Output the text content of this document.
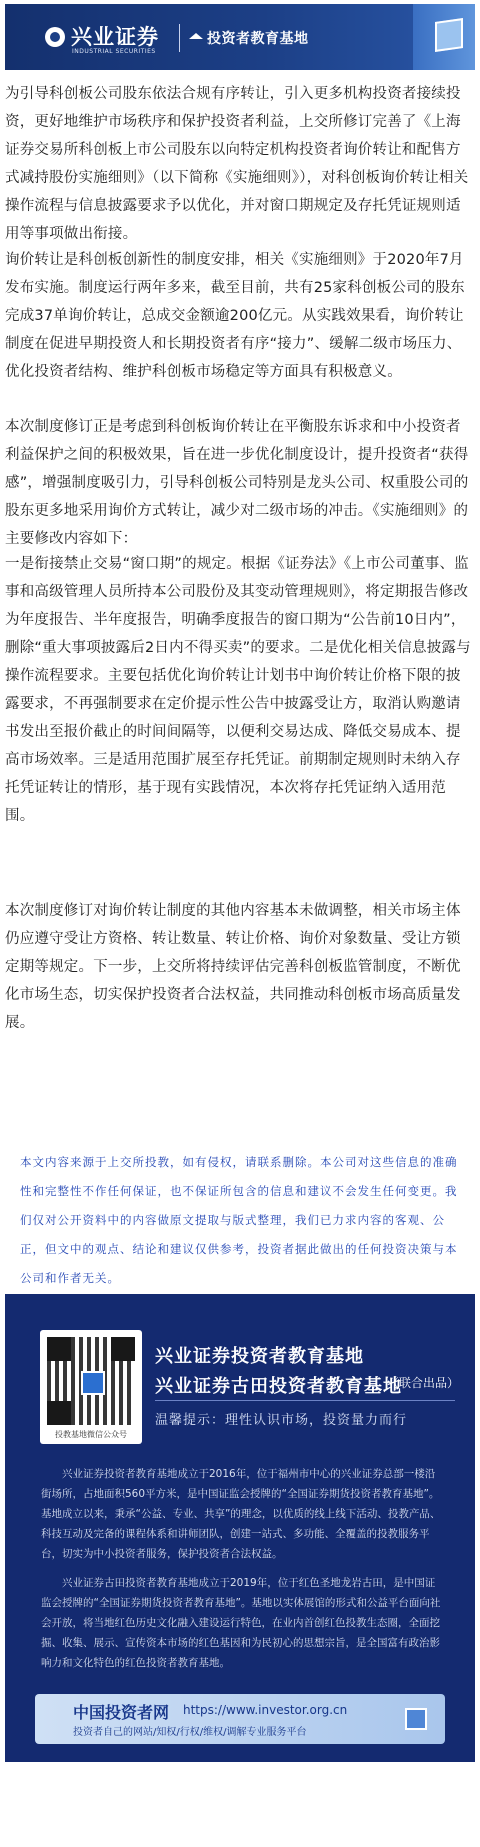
兴业证券
INDUSTRIAL SECURITIES
投资者教育基地

为引导科创板公司股东依法合规有序转让，引入更多机构投资者接续投资，更好地维护市场秩序和保护投资者利益，上交所修订完善了《上海证券交易所科创板上市公司股东以向特定机构投资者询价转让和配售方式减持股份实施细则》（以下简称《实施细则》），对科创板询价转让相关操作流程与信息披露要求予以优化，并对窗口期规定及存托凭证规则适用等事项做出衔接。

询价转让是科创板创新性的制度安排，相关《实施细则》于2020年7月发布实施。制度运行两年多来，截至目前，共有25家科创板公司的股东完成37单询价转让，总成交金额逾200亿元。从实践效果看，询价转让制度在促进早期投资人和长期投资者有序“接力”、缓解二级市场压力、优化投资者结构、维护科创板市场稳定等方面具有积极意义。

本次制度修订正是考虑到科创板询价转让在平衡股东诉求和中小投资者利益保护之间的积极效果，旨在进一步优化制度设计，提升投资者“获得感”，增强制度吸引力，引导科创板公司特别是龙头公司、权重股公司的股东更多地采用询价方式转让，减少对二级市场的冲击。《实施细则》的主要修改内容如下：

一是衔接禁止交易“窗口期”的规定。根据《证券法》《上市公司董事、监事和高级管理人员所持本公司股份及其变动管理规则》，将定期报告修改为年度报告、半年度报告，明确季度报告的窗口期为“公告前10日内”，删除“重大事项披露后2日内不得买卖”的要求。二是优化相关信息披露与操作流程要求。主要包括优化询价转让计划书中询价转让价格下限的披露要求，不再强制要求在定价提示性公告中披露受让方，取消认购邀请书发出至报价截止的时间间隔等，以便利交易达成、降低交易成本、提高市场效率。三是适用范围扩展至存托凭证。前期制定规则时未纳入存托凭证转让的情形，基于现有实践情况，本次将存托凭证纳入适用范围。

本次制度修订对询价转让制度的其他内容基本未做调整，相关市场主体仍应遵守受让方资格、转让数量、转让价格、询价对象数量、受让方锁定期等规定。下一步，上交所将持续评估完善科创板监管制度，不断优化市场生态，切实保护投资者合法权益，共同推动科创板市场高质量发展。

本文内容来源于上交所投教，如有侵权，请联系删除。本公司对这些信息的准确性和完整性不作任何保证，也不保证所包含的信息和建议不会发生任何变更。我们仅对公开资料中的内容做原文提取与版式整理，我们已力求内容的客观、公正，但文中的观点、结论和建议仅供参考，投资者据此做出的任何投资决策与本公司和作者无关。

投教基地微信公众号
兴业证券投资者教育基地
兴业证券古田投资者教育基地
（联合出品）
温馨提示：理性认识市场，投资量力而行

兴业证券投资者教育基地成立于2016年，位于福州市中心的兴业证券总部一楼沿街场所，占地面积560平方米，是中国证监会授牌的“全国证券期货投资者教育基地”。基地成立以来，秉承“公益、专业、共享”的理念，以优质的线上线下活动、投教产品、科技互动及完备的课程体系和讲师团队，创建一站式、多功能、全覆盖的投教服务平台，切实为中小投资者服务，保护投资者合法权益。

兴业证券古田投资者教育基地成立于2019年，位于红色圣地龙岩古田，是中国证监会授牌的“全国证券期货投资者教育基地”。基地以实体展馆的形式和公益平台面向社会开放，将当地红色历史文化融入建设运行特色，在业内首创红色投教生态圈，全面挖掘、收集、展示、宣传资本市场的红色基因和为民初心的思想宗旨，是全国富有政治影响力和文化特色的红色投资者教育基地。

中国投资者网 https://www.investor.org.cn
投资者自己的网站/知权/行权/维权/调解专业服务平台
